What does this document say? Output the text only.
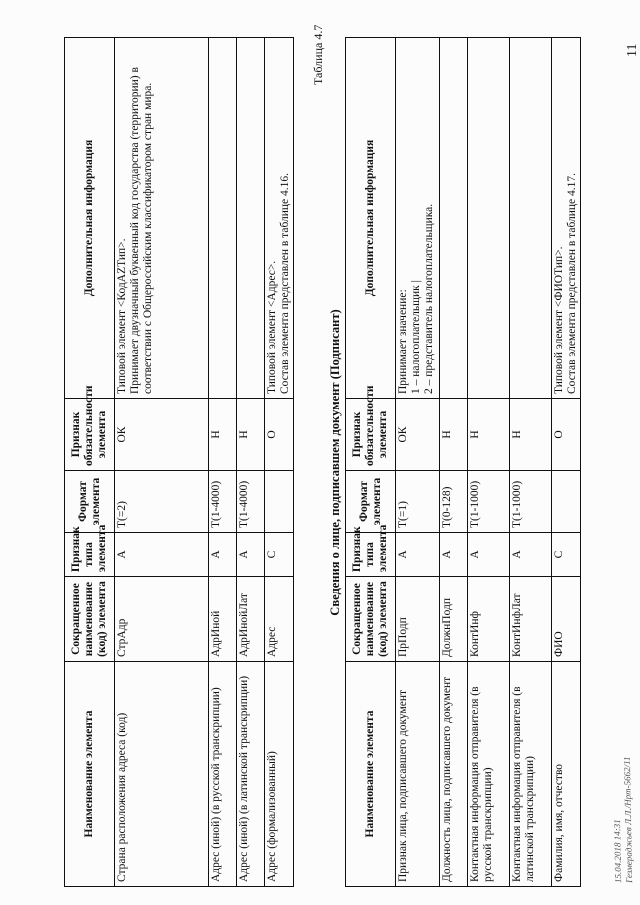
11
15.04.2018 14:31
Гезмераджьев Л.Л./Нрт-5662/11
Наименование элемента	Сокращенное наименование (код) элемента	Признак типа элемента	Формат элемента	Признак обязательности элемента	Дополнительная информация
Страна расположения адреса (код)	СтрАдр	А	Т(=2)	ОК	Типовой элемент <КодАZТип>. Принимает двузначный буквенный код государства (территории) в соответствии с Общероссийским классификатором стран мира.

Адрес (иной) (в русской транскрипции)	АдрИной	А	Т(1-4000)	Н	
Адрес (иной) (в латинской транскрипции)	АдрИнойЛат	А	Т(1-4000)	Н	
Адрес (формализованный)	Адрес	С		О	Типовой элемент <Адрес>. Состав элемента представлен в таблице 4.16.
Таблица 4.7
Сведения о лице, подписавшем документ (Подписант)
Наименование элемента	Сокращенное наименование (код) элемента	Признак типа элемента	Формат элемента	Признак обязательности элемента	Дополнительная информация
Признак лица, подписавшего документ	ПрПодп	А	Т(=1)	ОК	Принимает значение: 1 – налогоплательщик | 2 – представитель налогоплательщика.

Должность лица, подписавшего документ	ДолжнПодп	А	Т(0-128)	Н	
Контактная информация отправителя (в русской транскрипции)	КонтИнф	А	Т(1-1000)	Н	
Контактная информация отправителя (в латинской транскрипции)	КонтИнфЛат	А	Т(1-1000)	Н	
Фамилия, имя, отчество	ФИО	С		О	Типовой элемент <ФИОТип>. Состав элемента представлен в таблице 4.17.
